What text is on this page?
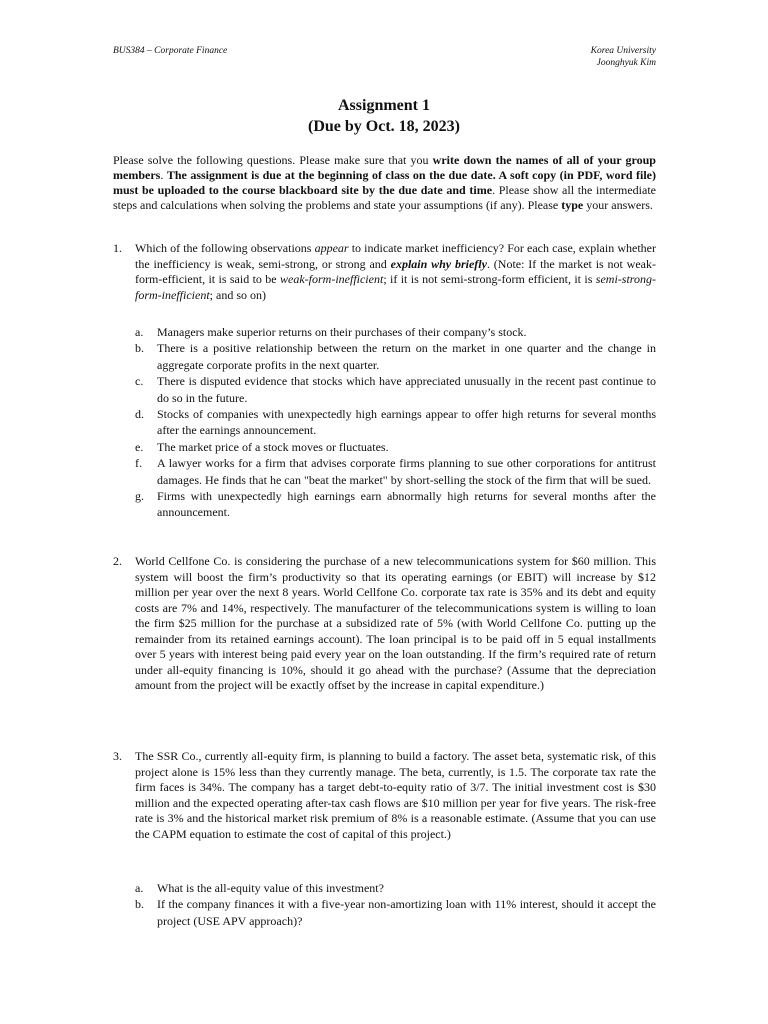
BUS384 – Corporate Finance	Korea University
Joonghyuk Kim
Assignment 1
(Due by Oct. 18, 2023)
Please solve the following questions. Please make sure that you write down the names of all of your group members. The assignment is due at the beginning of class on the due date. A soft copy (in PDF, word file) must be uploaded to the course blackboard site by the due date and time. Please show all the intermediate steps and calculations when solving the problems and state your assumptions (if any). Please type your answers.
1. Which of the following observations appear to indicate market inefficiency? For each case, explain whether the inefficiency is weak, semi-strong, or strong and explain why briefly. (Note: If the market is not weak-form-efficient, it is said to be weak-form-inefficient; if it is not semi-strong-form efficient, it is semi-strong-form-inefficient; and so on)
a.	Managers make superior returns on their purchases of their company’s stock.
b.	There is a positive relationship between the return on the market in one quarter and the change in aggregate corporate profits in the next quarter.
c.	There is disputed evidence that stocks which have appreciated unusually in the recent past continue to do so in the future.
d.	Stocks of companies with unexpectedly high earnings appear to offer high returns for several months after the earnings announcement.
e.	The market price of a stock moves or fluctuates.
f.	A lawyer works for a firm that advises corporate firms planning to sue other corporations for antitrust damages. He finds that he can "beat the market" by short-selling the stock of the firm that will be sued.
g.	Firms with unexpectedly high earnings earn abnormally high returns for several months after the announcement.
2. World Cellfone Co. is considering the purchase of a new telecommunications system for $60 million. This system will boost the firm’s productivity so that its operating earnings (or EBIT) will increase by $12 million per year over the next 8 years. World Cellfone Co. corporate tax rate is 35% and its debt and equity costs are 7% and 14%, respectively. The manufacturer of the telecommunications system is willing to loan the firm $25 million for the purchase at a subsidized rate of 5% (with World Cellfone Co. putting up the remainder from its retained earnings account). The loan principal is to be paid off in 5 equal installments over 5 years with interest being paid every year on the loan outstanding. If the firm’s required rate of return under all-equity financing is 10%, should it go ahead with the purchase? (Assume that the depreciation amount from the project will be exactly offset by the increase in capital expenditure.)
3. The SSR Co., currently all-equity firm, is planning to build a factory. The asset beta, systematic risk, of this project alone is 15% less than they currently manage. The beta, currently, is 1.5. The corporate tax rate the firm faces is 34%. The company has a target debt-to-equity ratio of 3/7. The initial investment cost is $30 million and the expected operating after-tax cash flows are $10 million per year for five years. The risk-free rate is 3% and the historical market risk premium of 8% is a reasonable estimate. (Assume that you can use the CAPM equation to estimate the cost of capital of this project.)
a.	What is the all-equity value of this investment?
b.	If the company finances it with a five-year non-amortizing loan with 11% interest, should it accept the project (USE APV approach)?
